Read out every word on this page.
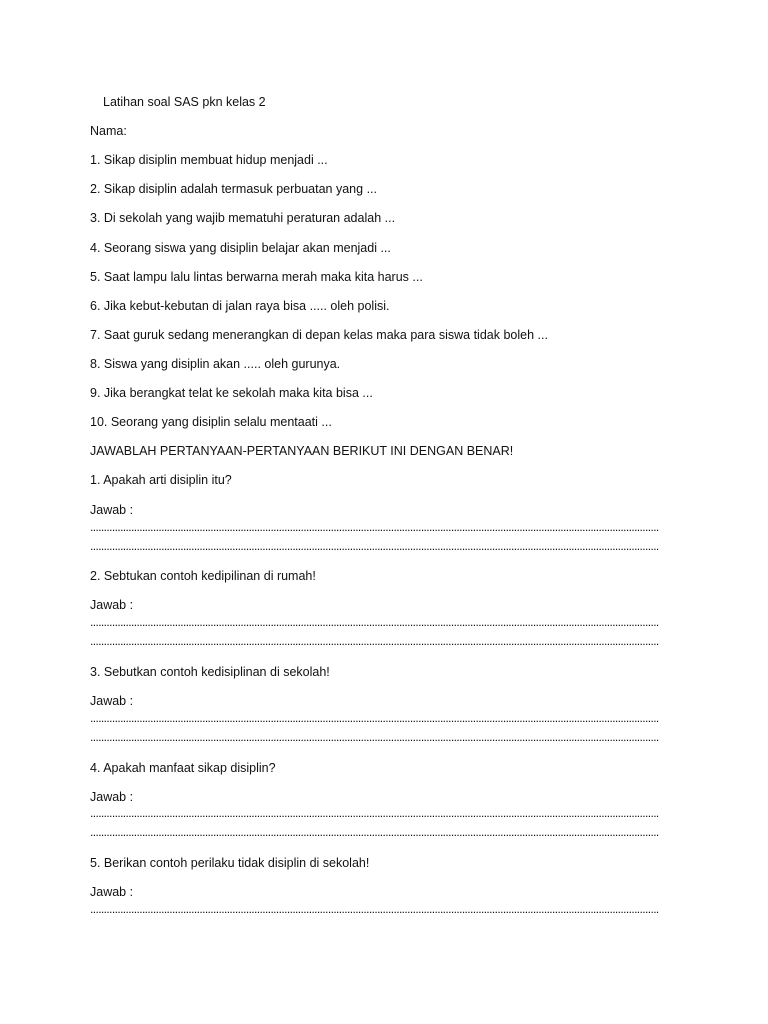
Latihan soal SAS pkn kelas 2
Nama:
1. Sikap disiplin membuat hidup menjadi ...
2. Sikap disiplin adalah termasuk perbuatan yang ...
3. Di sekolah yang wajib mematuhi peraturan adalah ...
4. Seorang siswa yang disiplin belajar akan menjadi ...
5. Saat lampu lalu lintas berwarna merah maka kita harus ...
6. Jika kebut-kebutan di jalan raya bisa ..... oleh polisi.
7. Saat guruk sedang menerangkan di depan kelas maka para siswa tidak boleh ...
8. Siswa yang disiplin akan ..... oleh gurunya.
9. Jika berangkat telat ke sekolah maka kita bisa ...
10. Seorang yang disiplin selalu mentaati ...
JAWABLAH PERTANYAAN-PERTANYAAN BERIKUT INI DENGAN BENAR!
1. Apakah arti disiplin itu?
Jawab :
................................................................................................................................................................................................................
................................................................................................................................................................................................................
2. Sebtukan contoh kedipilinan di rumah!
Jawab :
................................................................................................................................................................................................................
................................................................................................................................................................................................................
3. Sebutkan contoh kedisiplinan di sekolah!
Jawab :
................................................................................................................................................................................................................
................................................................................................................................................................................................................
4. Apakah manfaat sikap disiplin?
Jawab :
................................................................................................................................................................................................................
................................................................................................................................................................................................................
5. Berikan contoh perilaku tidak disiplin di sekolah!
Jawab :
................................................................................................................................................................................................................
